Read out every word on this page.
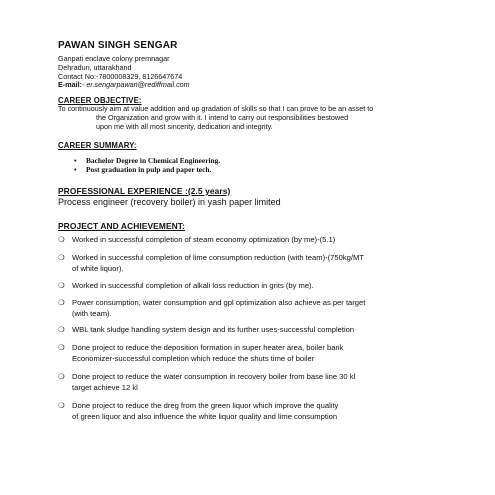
PAWAN SINGH SENGAR
Ganpati enclave colony premnagar
Dehradun, uttarakhand
Contact No:-7800008329, 8126647674
E-mail:- er.sengarpawan@rediffmail.com
CAREER OBJECTIVE:
To continuously aim at value addition and up gradation of skills so that I can prove to be an asset to
the Organization and grow with it. I intend to carry out responsibilities bestowed
upon me with all most sincerity, dedication and integrity.
CAREER SUMMARY:
• Bachelor Degree in Chemical Engineering.
• Post graduation in pulp and paper tech.
PROFESSIONAL EXPERIENCE :(2.5 years)
Process engineer (recovery boiler) in yash paper limited
PROJECT AND ACHIEVEMENT:
❍ Worked in successful completion of steam economy optimization (by me)-(5.1)
❍ Worked in successful completion of lime consumption reduction (with team)-(750kg/MT
of white liquor).
❍ Worked in successful completion of alkali loss reduction in grits (by me).
❍ Power consumption, water consumption and gpl optimization also achieve as per target
(with team).
❍ WBL tank sludge handling system design and its further uses-successful completion
❍ Done project to reduce the deposition formation in super heater area, boiler bank
Economizer-successful completion which reduce the shuts time of boiler
❍ Done project to reduce the water consumption in recovery boiler from base line 30 kl
target achieve 12 kl
❍ Done project to reduce the dreg from the green liquor which improve the quality
of green liquor and also influence the white liquor quality and lime consumption
